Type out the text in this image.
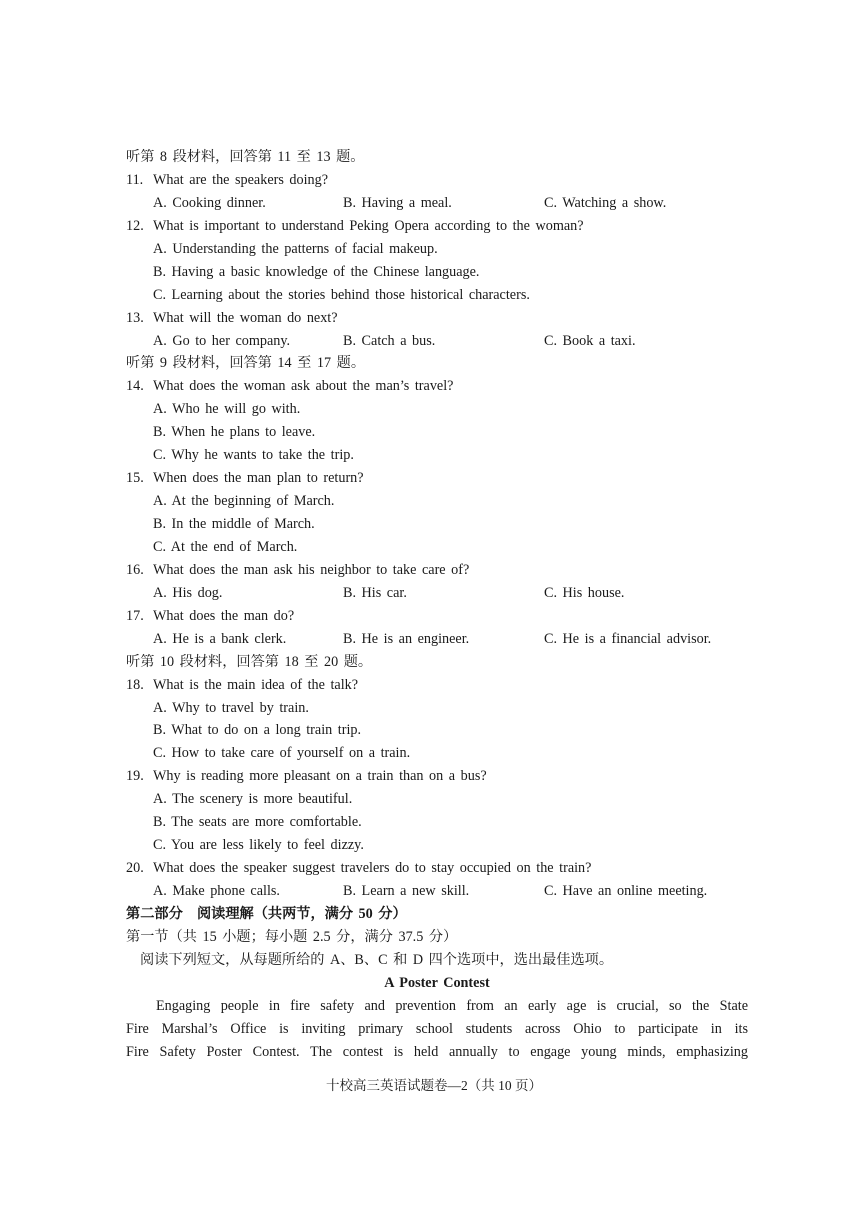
听第 8 段材料，回答第 11 至 13 题。
11. What are the speakers doing?
A. Cooking dinner.	B. Having a meal.	C. Watching a show.
12. What is important to understand Peking Opera according to the woman?
A. Understanding the patterns of facial makeup.
B. Having a basic knowledge of the Chinese language.
C. Learning about the stories behind those historical characters.
13. What will the woman do next?
A. Go to her company.	B. Catch a bus.	C. Book a taxi.
听第 9 段材料，回答第 14 至 17 题。
14. What does the woman ask about the man’s travel?
A. Who he will go with.
B. When he plans to leave.
C. Why he wants to take the trip.
15. When does the man plan to return?
A. At the beginning of March.
B. In the middle of March.
C. At the end of March.
16. What does the man ask his neighbor to take care of?
A. His dog.	B. His car.	C. His house.
17. What does the man do?
A. He is a bank clerk.	B. He is an engineer.	C. He is a financial advisor.
听第 10 段材料，回答第 18 至 20 题。
18. What is the main idea of the talk?
A. Why to travel by train.
B. What to do on a long train trip.
C. How to take care of yourself on a train.
19. Why is reading more pleasant on a train than on a bus?
A. The scenery is more beautiful.
B. The seats are more comfortable.
C. You are less likely to feel dizzy.
20. What does the speaker suggest travelers do to stay occupied on the train?
A. Make phone calls.	B. Learn a new skill.	C. Have an online meeting.
第二部分　阅读理解（共两节，满分 50 分）
第一节（共 15 小题；每小题 2.5 分，满分 37.5 分）
阅读下列短文，从每题所给的 A、B、C 和 D 四个选项中，选出最佳选项。
A Poster Contest
Engaging people in fire safety and prevention from an early age is crucial, so the State
Fire Marshal’s Office is inviting primary school students across Ohio to participate in its
Fire Safety Poster Contest. The contest is held annually to engage young minds, emphasizing
十校高三英语试题卷—2（共 10 页）
